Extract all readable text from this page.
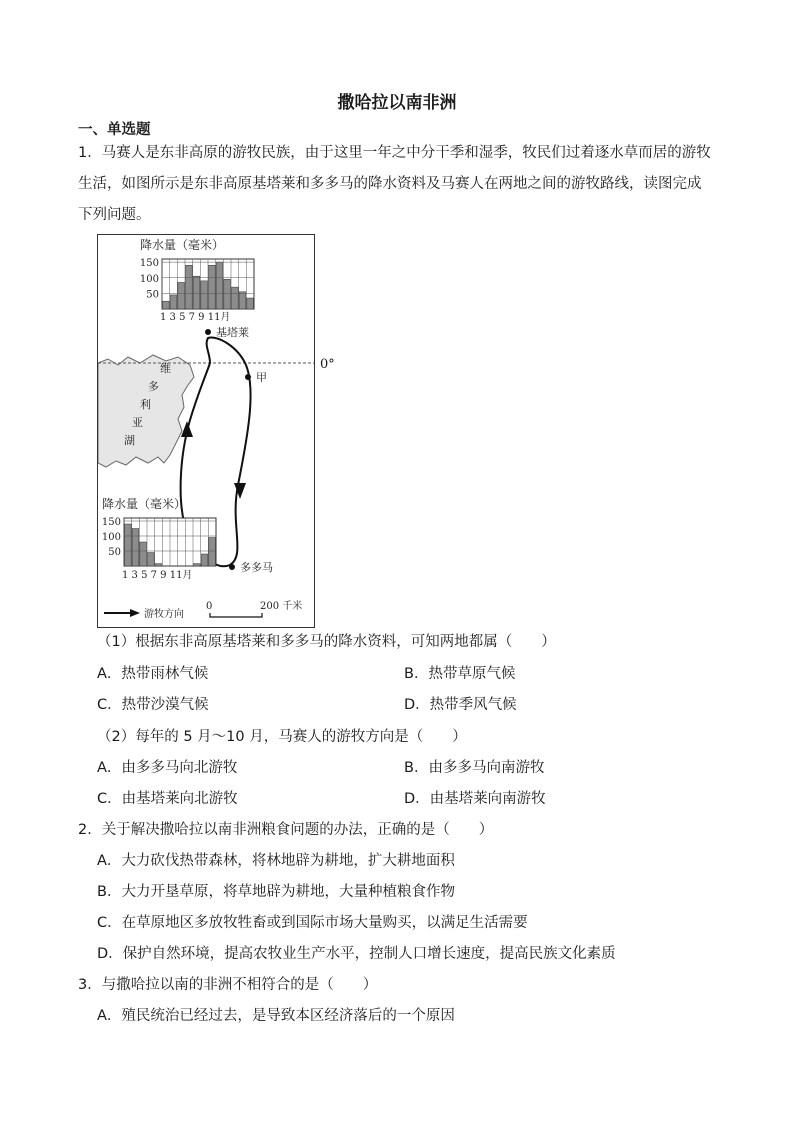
撒哈拉以南非洲
一、单选题
1．马赛人是东非高原的游牧民族，由于这里一年之中分干季和湿季，牧民们过着逐水草而居的游牧
生活，如图所示是东非高原基塔莱和多多马的降水资料及马赛人在两地之间的游牧路线，读图完成
下列问题。
降水量（毫米）
150
100
50
1 3 5 7 9 11月
基塔莱
甲
维
多
利
亚
湖
降水量（毫米）
150
100
50
1 3 5 7 9 11月
多多马
游牧方向
0	200 千米
0°
（1）根据东非高原基塔莱和多多马的降水资料，可知两地都属（　　）
A．热带雨林气候	B．热带草原气候
C．热带沙漠气候	D．热带季风气候
（2）每年的 5 月～10 月，马赛人的游牧方向是（　　）
A．由多多马向北游牧	B．由多多马向南游牧
C．由基塔莱向北游牧	D．由基塔莱向南游牧
2．关于解决撒哈拉以南非洲粮食问题的办法，正确的是（　　）
A．大力砍伐热带森林，将林地辟为耕地，扩大耕地面积
B．大力开垦草原，将草地辟为耕地，大量种植粮食作物
C．在草原地区多放牧牲畜或到国际市场大量购买，以满足生活需要
D．保护自然环境，提高农牧业生产水平，控制人口增长速度，提高民族文化素质
3．与撒哈拉以南的非洲不相符合的是（　　）
A．殖民统治已经过去，是导致本区经济落后的一个原因
